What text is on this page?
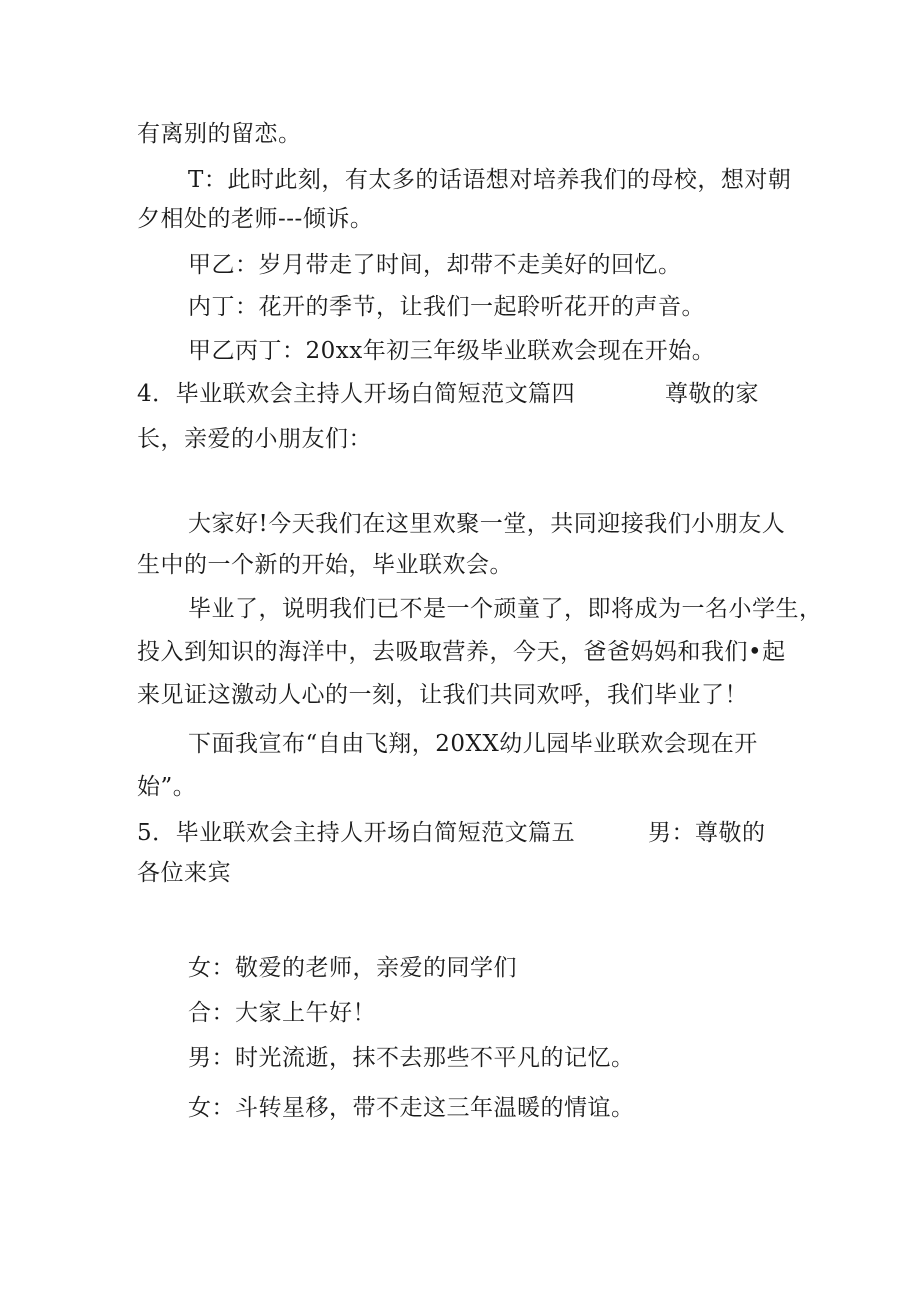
有离别的留恋。
T：此时此刻，有太多的话语想对培养我们的母校，想对朝
夕相处的老师---倾诉。
甲乙：岁月带走了时间，却带不走美好的回忆。
内丁：花开的季节，让我们一起聆听花开的声音。
甲乙丙丁：20xx年初三年级毕业联欢会现在开始。
4．毕业联欢会主持人开场白简短范文篇四	尊敬的家
长，亲爱的小朋友们：
大家好!今天我们在这里欢聚一堂，共同迎接我们小朋友人
生中的一个新的开始，毕业联欢会。
毕业了，说明我们已不是一个顽童了，即将成为一名小学生，
投入到知识的海洋中，去吸取营养，今天，爸爸妈妈和我们•起
来见证这激动人心的一刻，让我们共同欢呼，我们毕业了！
下面我宣布“自由飞翔，20XX幼儿园毕业联欢会现在开
始”。
5．毕业联欢会主持人开场白简短范文篇五	男：尊敬的
各位来宾
女：敬爱的老师，亲爱的同学们
合：大家上午好！
男：时光流逝，抹不去那些不平凡的记忆。
女：斗转星移，带不走这三年温暖的情谊。
